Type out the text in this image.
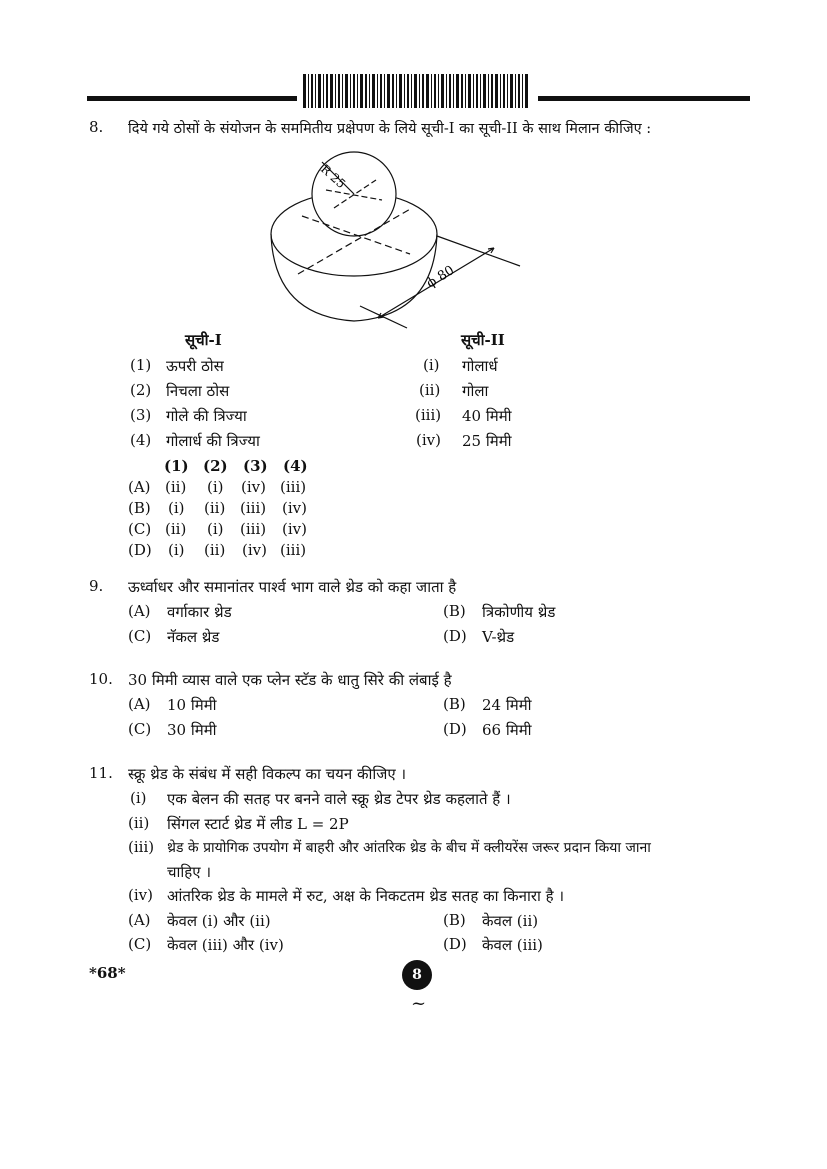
8. दिये गये ठोसों के संयोजन के सममितीय प्रक्षेपण के लिये सूची-I का सूची-II के साथ मिलान कीजिए :
R 25
ϕ 80
सूची-I	सूची-II
(1) ऊपरी ठोस	(i) गोलार्ध
(2) निचला ठोस	(ii) गोला
(3) गोले की त्रिज्या	(iii) 40 मिमी
(4) गोलार्ध की त्रिज्या	(iv) 25 मिमी
(1) (2) (3) (4)
(A) (ii) (i) (iv) (iii)
(B) (i) (ii) (iii) (iv)
(C) (ii) (i) (iii) (iv)
(D) (i) (ii) (iv) (iii)
9. ऊर्ध्वाधर और समानांतर पार्श्व भाग वाले थ्रेड को कहा जाता है
(A) वर्गाकार थ्रेड	(B) त्रिकोणीय थ्रेड
(C) नॅकल थ्रेड	(D) V-थ्रेड
10. 30 मिमी व्यास वाले एक प्लेन स्टॅड के धातु सिरे की लंबाई है
(A) 10 मिमी	(B) 24 मिमी
(C) 30 मिमी	(D) 66 मिमी
11. स्क्रू थ्रेड के संबंध में सही विकल्प का चयन कीजिए ।
(i) एक बेलन की सतह पर बनने वाले स्क्रू थ्रेड टेपर थ्रेड कहलाते हैं ।
(ii) सिंगल स्टार्ट थ्रेड में लीड L = 2P
(iii) थ्रेड के प्रायोगिक उपयोग में बाहरी और आंतरिक थ्रेड के बीच में क्लीयरेंस जरूर प्रदान किया जाना
चाहिए ।
(iv) आंतरिक थ्रेड के मामले में रुट, अक्ष के निकटतम थ्रेड सतह का किनारा है ।
(A) केवल (i) और (ii)	(B) केवल (ii)
(C) केवल (iii) और (iv)	(D) केवल (iii)
*68*	8
~
